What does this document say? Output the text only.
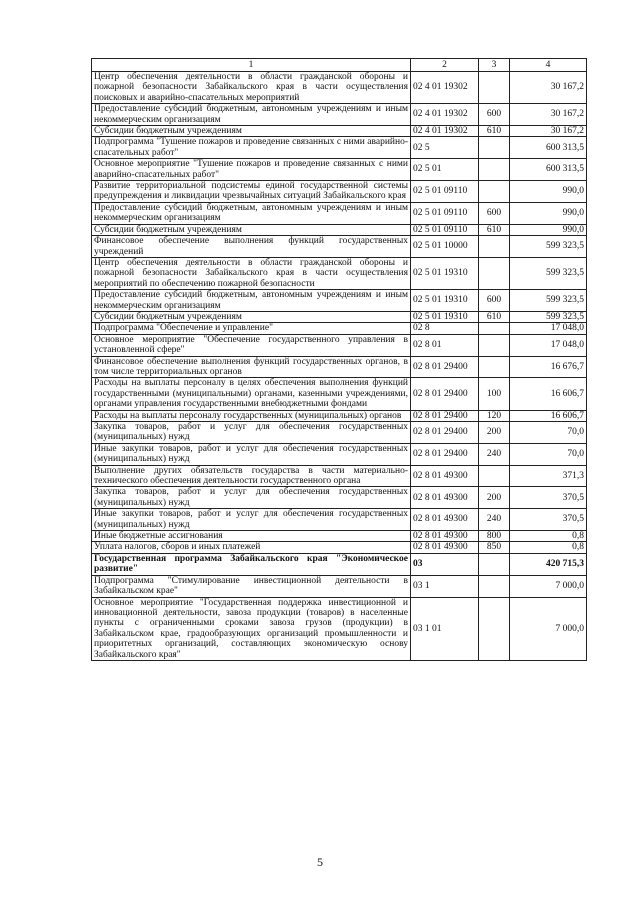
1	2	3	4
Центр обеспечения деятельности в области гражданской обороны и пожарной безопасности Забайкальского края в части осуществления поисковых и аварийно-спасательных мероприятий	02 4 01 19302		30 167,2
Предоставление субсидий бюджетным, автономным учреждениям и иным некоммерческим организациям	02 4 01 19302	600	30 167,2
Субсидии бюджетным учреждениям	02 4 01 19302	610	30 167,2
Подпрограмма "Тушение пожаров и проведение связанных с ними аварийно-спасательных работ"	02 5		600 313,5
Основное мероприятие "Тушение пожаров и проведение связанных с ними аварийно-спасательных работ"	02 5 01		600 313,5
Развитие территориальной подсистемы единой государственной системы предупреждения и ликвидации чрезвычайных ситуаций Забайкальского края	02 5 01 09110		990,0
Предоставление субсидий бюджетным, автономным учреждениям и иным некоммерческим организациям	02 5 01 09110	600	990,0
Субсидии бюджетным учреждениям	02 5 01 09110	610	990,0
Финансовое обеспечение выполнения функций государственных учреждений	02 5 01 10000		599 323,5
Центр обеспечения деятельности в области гражданской обороны и пожарной безопасности Забайкальского края в части осуществления мероприятий по обеспечению пожарной безопасности	02 5 01 19310		599 323,5
Предоставление субсидий бюджетным, автономным учреждениям и иным некоммерческим организациям	02 5 01 19310	600	599 323,5
Субсидии бюджетным учреждениям	02 5 01 19310	610	599 323,5
Подпрограмма "Обеспечение и управление"	02 8		17 048,0
Основное мероприятие "Обеспечение государственного управления в установленной сфере"	02 8 01		17 048,0
Финансовое обеспечение выполнения функций государственных органов, в том числе территориальных органов	02 8 01 29400		16 676,7
Расходы на выплаты персоналу в целях обеспечения выполнения функций государственными (муниципальными) органами, казенными учреждениями, органами управления государственными внебюджетными фондами	02 8 01 29400	100	16 606,7
Расходы на выплаты персоналу государственных (муниципальных) органов	02 8 01 29400	120	16 606,7
Закупка товаров, работ и услуг для обеспечения государственных (муниципальных) нужд	02 8 01 29400	200	70,0
Иные закупки товаров, работ и услуг для обеспечения государственных (муниципальных) нужд	02 8 01 29400	240	70,0
Выполнение других обязательств государства в части материально-технического обеспечения деятельности государственного органа	02 8 01 49300		371,3
Закупка товаров, работ и услуг для обеспечения государственных (муниципальных) нужд	02 8 01 49300	200	370,5
Иные закупки товаров, работ и услуг для обеспечения государственных (муниципальных) нужд	02 8 01 49300	240	370,5
Иные бюджетные ассигнования	02 8 01 49300	800	0,8
Уплата налогов, сборов и иных платежей	02 8 01 49300	850	0,8
Государственная программа Забайкальского края "Экономическое развитие"	03		420 715,3
Подпрограмма "Стимулирование инвестиционной деятельности в Забайкальском крае"	03 1		7 000,0
Основное мероприятие "Государственная поддержка инвестиционной и инновационной деятельности, завоза продукции (товаров) в населенные пункты с ограниченными сроками завоза грузов (продукции) в Забайкальском крае, градообразующих организаций промышленности и приоритетных организаций, составляющих экономическую основу Забайкальского края"	03 1 01		7 000,0
5
